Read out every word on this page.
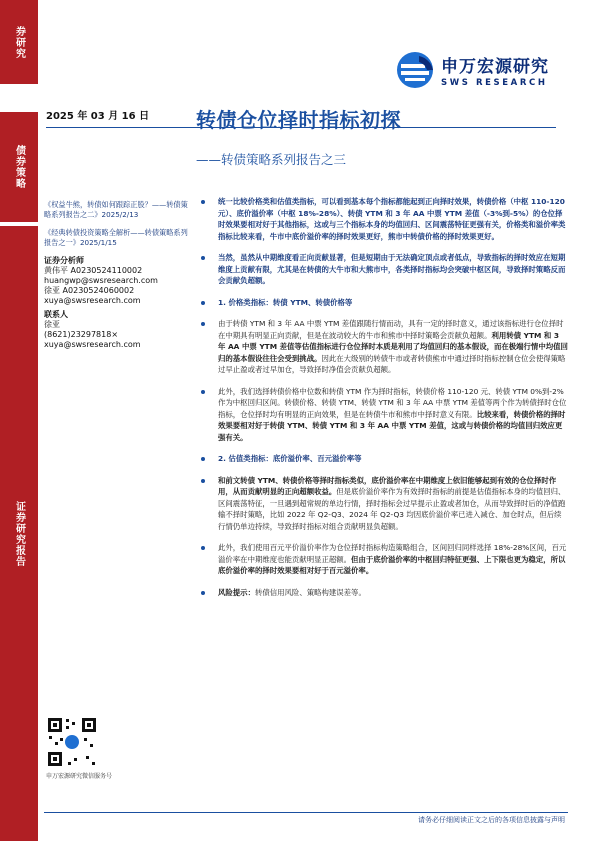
券研究
债券策略
证券研究报告
申万宏源研究
SWS RESEARCH
2025 年 03 月 16 日 转债仓位择时指标初探
——转债策略系列报告之三
《权益牛熊，转债如何跟踪正股？——转债策略系列报告之二》2025/2/13
《经典转债投资策略全解析——转债策略系列报告之一》2025/1/15
证券分析师
黄伟平 A0230524110002
huangwp@swsresearch.com
徐亚 A0230524060002
xuya@swsresearch.com
联系人
徐亚
(8621)23297818×
xuya@swsresearch.com
申万宏源研究微信服务号
统一比较价格类和估值类指标，可以看到基本每个指标都能起到正向择时效果，转债价格（中枢 110-120 元）、底价溢价率（中枢 18%-28%）、转债 YTM 和 3 年 AA 中票 YTM 差值（-3%到-5%）的仓位择时效果要相对好于其他指标，这或与三个指标本身的均值回归、区间震荡特征更强有关，价格类和溢价率类指标比较来看，牛市中底价溢价率的择时效果更好，熊市中转债价格的择时效果更好。
当然，虽然从中期维度看正向贡献显著，但是短期由于无法确定顶点或者低点，导致指标的择时效应在短期维度上贡献有限，尤其是在转债的大牛市和大熊市中，各类择时指标均会突破中枢区间，导致择时策略反而会贡献负超额。
1. 价格类指标：转债 YTM、转债价格等
由于转债 YTM 和 3 年 AA 中票 YTM 差值跟随行情而动，具有一定的择时意义，通过该指标进行仓位择时在中期具有明显正向贡献，但是在波动较大的牛市和熊市中择时策略会贡献负超额。利用转债 YTM 和 3 年 AA 中票 YTM 差值等估值指标进行仓位择时本质是利用了均值回归的基本假设，而在极端行情中均值回归的基本假设往往会受到挑战。因此在大级别的转债牛市或者转债熊市中通过择时指标控制仓位会使得策略过早止盈或者过早加仓，导致择时净值会贡献负超额。
此外，我们选择转债价格中位数和转债 YTM 作为择时指标，转债价格 110-120 元、转债 YTM 0%到-2%作为中枢回归区间。转债价格、转债 YTM、转债 YTM 和 3 年 AA 中票 YTM 差值等两个作为转债择时仓位指标，仓位择时均有明显的正向效果，但是在转债牛市和熊市中择时意义有限。比较来看，转债价格的择时效果要相对好于转债 YTM、转债 YTM 和 3 年 AA 中票 YTM 差值，这或与转债价格的均值回归效应更强有关。
2. 估值类指标：底价溢价率、百元溢价率等
和前文转债 YTM、转债价格等择时指标类似，底价溢价率在中期维度上依旧能够起到有效的仓位择时作用，从而贡献明显的正向超额收益。但是底价溢价率作为有效择时指标的前提是估值指标本身的均值回归、区间震荡特征，一旦遇到超常规的单边行情，择时指标会过早提示止盈或者加仓，从而导致择时后的净值跑输不择时策略，比如 2022 年 Q2-Q3、2024 年 Q2-Q3 均因底价溢价率已进入减仓、加仓时点，但后续行情仍单边持续，导致择时指标对组合贡献明显负超额。
此外，我们使用百元平价溢价率作为仓位择时指标构造策略组合，区间回归同样选择 18%-28%区间，百元溢价率在中期维度也能贡献明显正超额。但由于底价溢价率的中枢回归特征更强、上下限也更为稳定，所以底价溢价率的择时效果要相对好于百元溢价率。
风险提示：转债信用风险、策略构建误差等。
请务必仔细阅读正文之后的各项信息披露与声明
